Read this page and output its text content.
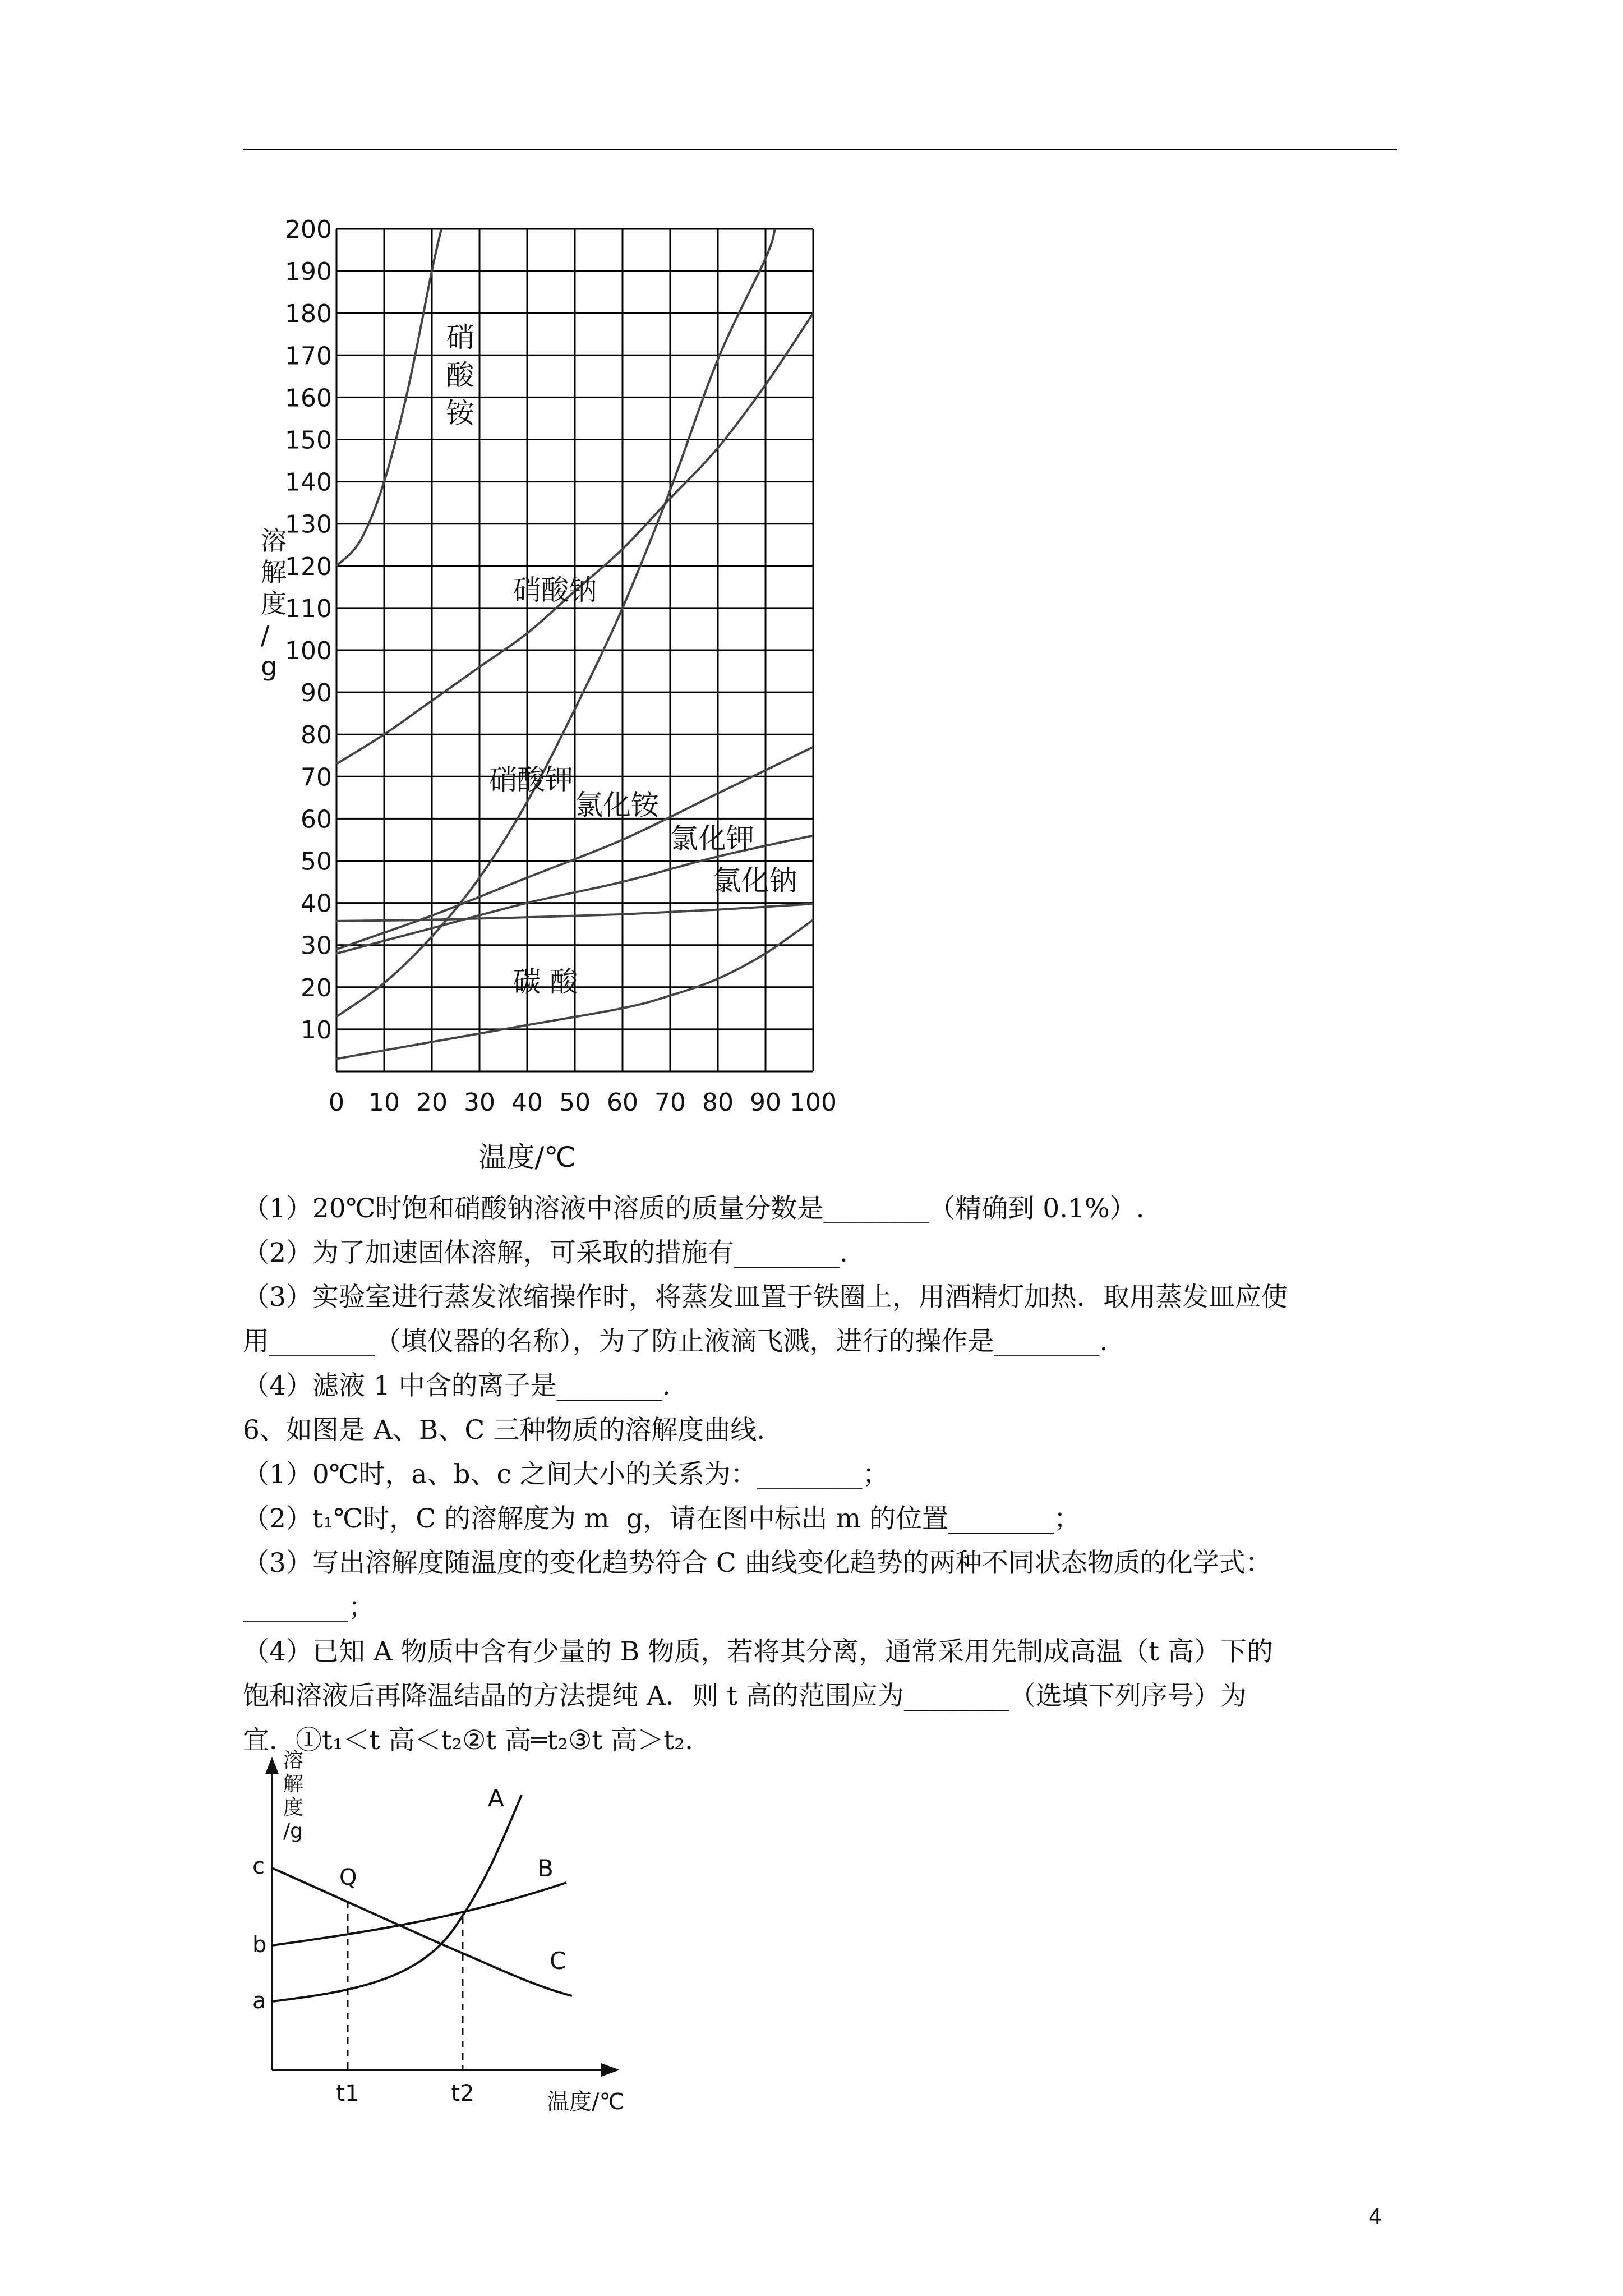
0 10 20 30 40 50 60 70 80 90 100
10
20
30
40
50
60
70
80
90
100
110
120
130
140
150
160
170
180
190
200
溶解度/ g
温度/℃
硝
酸
铵
硝酸钠
硝酸钾
氯化铵
氯化钾
氯化钠
碳 酸
（1）20℃时饱和硝酸钠溶液中溶质的质量分数是________（精确到 0.1%）.
（2）为了加速固体溶解，可采取的措施有________.
（3）实验室进行蒸发浓缩操作时，将蒸发皿置于铁圈上，用酒精灯加热．取用蒸发皿应使
用________（填仪器的名称），为了防止液滴飞溅，进行的操作是________.
（4）滤液 1 中含的离子是________.
6、如图是 A、B、C 三种物质的溶解度曲线.
（1）0℃时，a、b、c 之间大小的关系为：________；
（2）t₁℃时，C 的溶解度为 m  g，请在图中标出 m 的位置________；
（3）写出溶解度随温度的变化趋势符合 C 曲线变化趋势的两种不同状态物质的化学式：
________；
（4）已知 A 物质中含有少量的 B 物质，若将其分离，通常采用先制成高温（t 高）下的
饱和溶液后再降温结晶的方法提纯 A．则 t 高的范围应为________（选填下列序号）为
宜．①t₁＜t 高＜t₂②t 高═t₂③t 高＞t₂.
溶解度/g
a
b
c
t1	t2	温度/℃
Q
A
B
C
4
